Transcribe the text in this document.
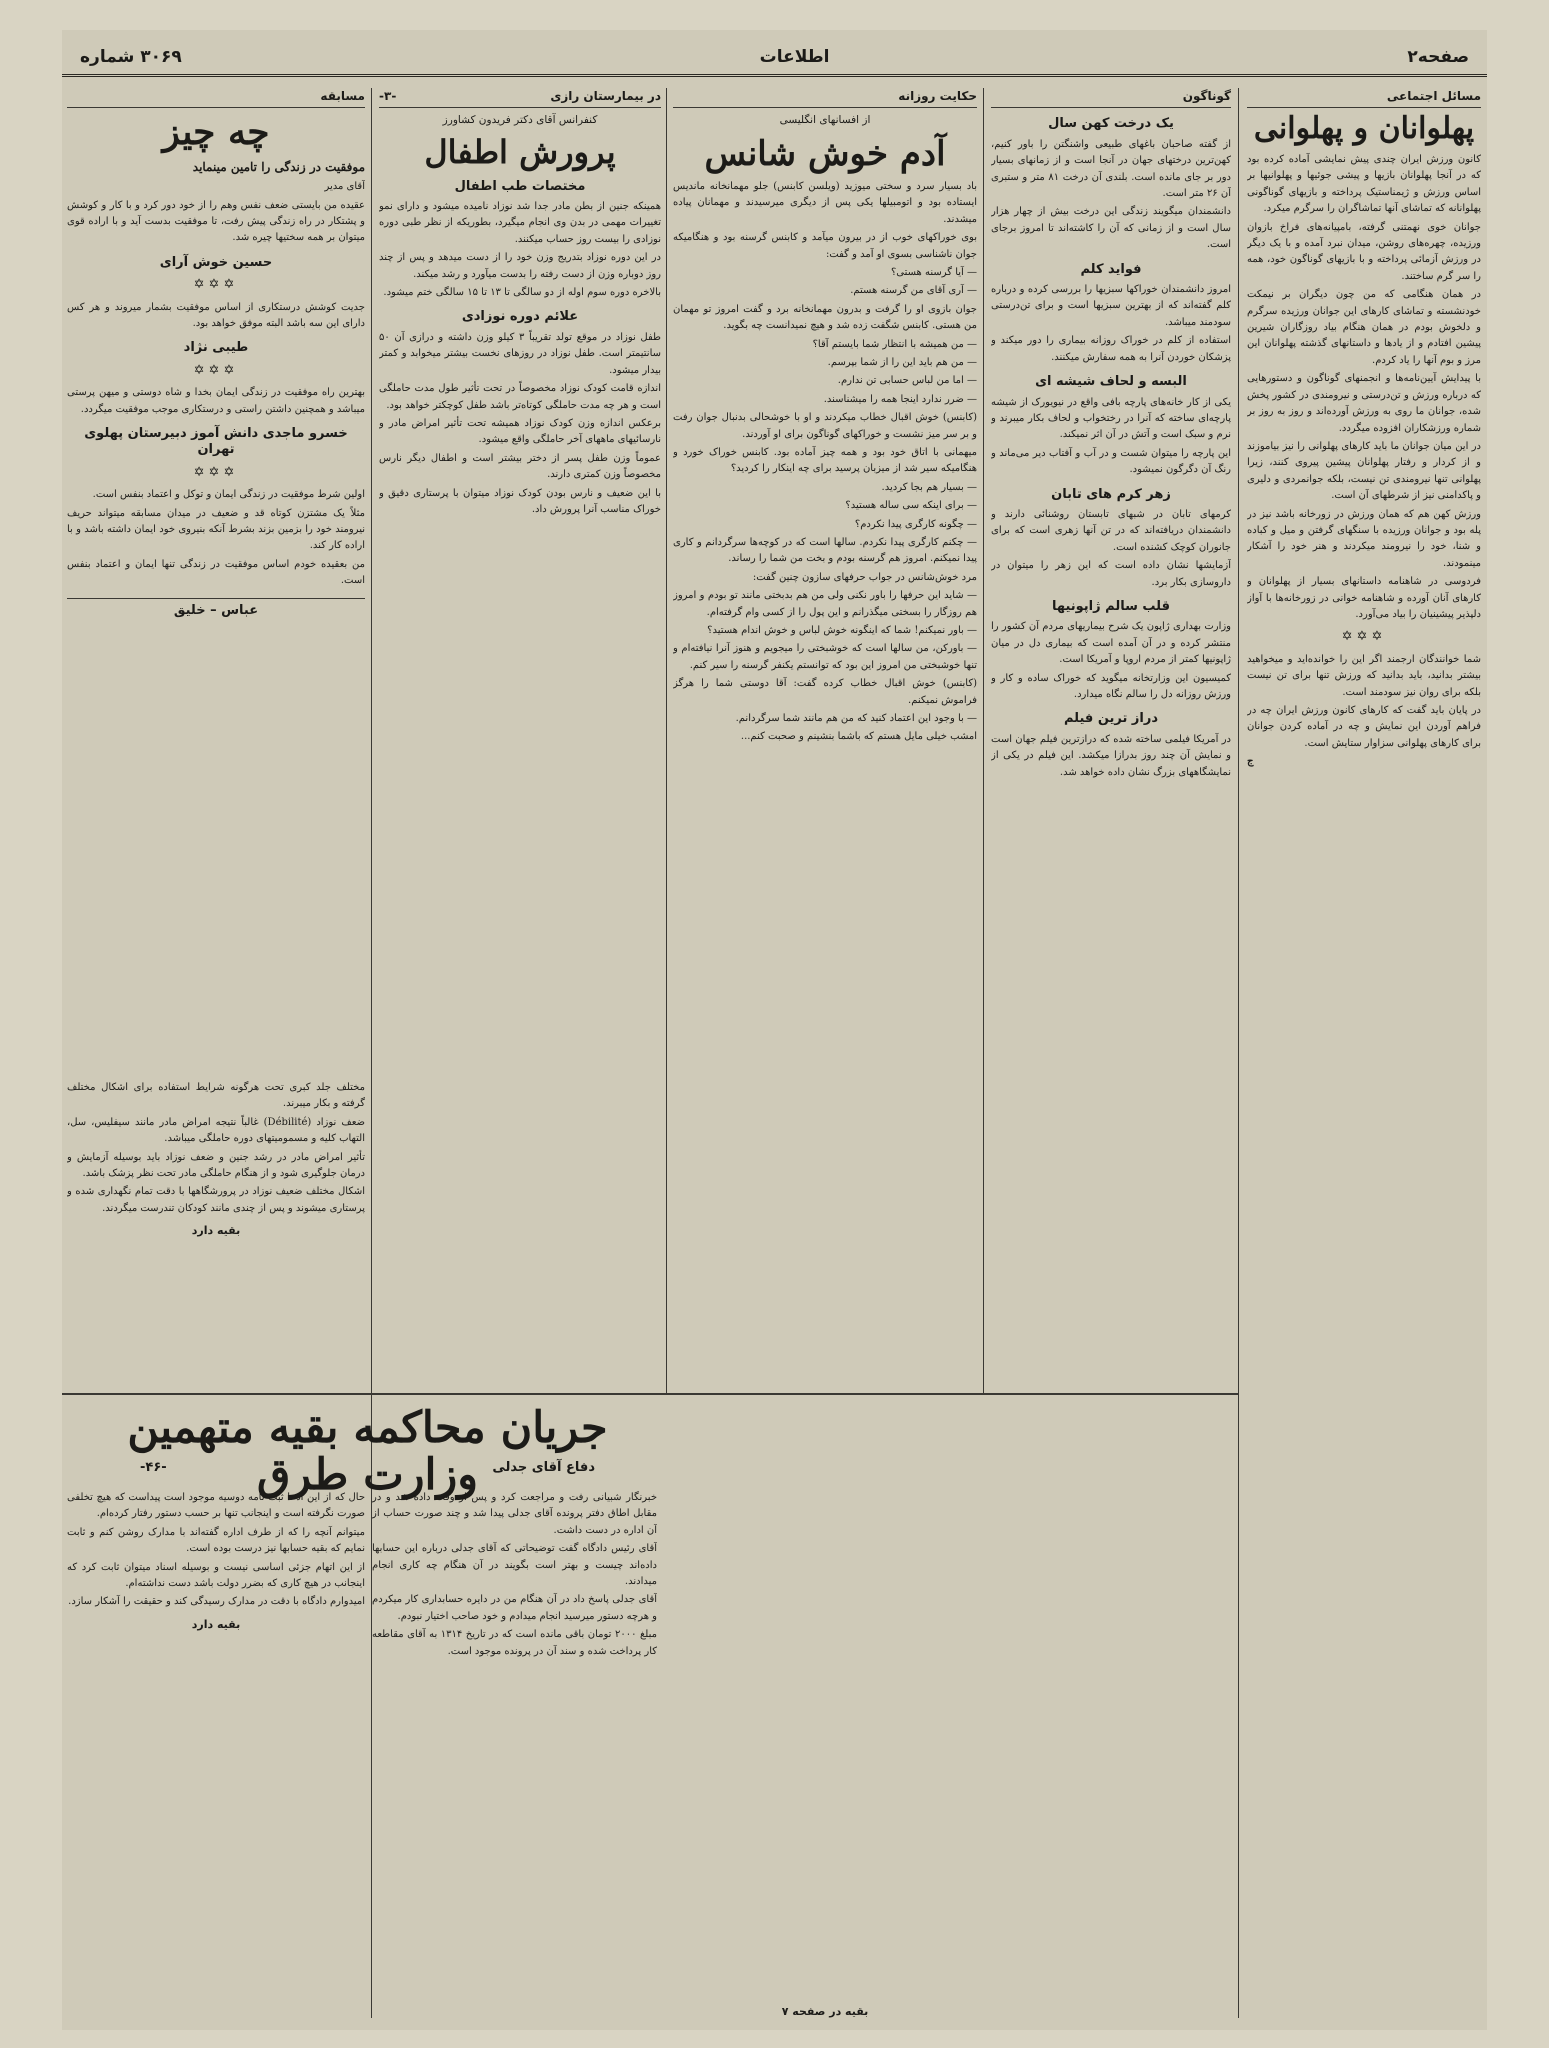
صفحه۲
اطلاعات
۳۰۶۹ شماره
مسائل اجتماعی
پهلوانان و پهلوانی

کانون ورزش ایران چندی پیش نمایشی آماده کرده بود که در آنجا پهلوانان بازیها و پیشی جوئیها و پهلوانیها بر اساس ورزش و ژیمناستیک پرداخته و بازیهای گوناگونی پهلوانانه که تماشای آنها تماشاگران را سرگرم میکرد.

جوانان خوی نهمتنی گرفته، بامپیانه‌های فراخ بازوان ورزیده، چهره‌های روشن، میدان نبرد آمده و با یک دیگر در ورزش آزمائی پرداخته و با بازیهای گوناگون خود، همه را سر گرم ساختند.

در همان هنگامی که من چون دیگران بر نیمکت خودنشسته و تماشای کارهای این جوانان ورزیده سرگرم و دلخوش بودم در همان هنگام بیاد روزگاران شیرین پیشین افتادم و از یادها و داستانهای گذشته پهلوانان این مرز و بوم آنها را یاد کردم.

با پیدایش آیین‌نامه‌ها و انجمنهای گوناگون و دستورهایی که درباره ورزش و تن‌درستی و نیرومندی در کشور پخش شده، جوانان ما روی به ورزش آورده‌اند و روز به روز بر شماره ورزشکاران افزوده میگردد.

در این میان جوانان ما باید کارهای پهلوانی را نیز بیاموزند و از کردار و رفتار پهلوانان پیشین پیروی کنند، زیرا پهلوانی تنها نیرومندی تن نیست، بلکه جوانمردی و دلیری و پاکدامنی نیز از شرطهای آن است.

ورزش کهن هم که همان ورزش در زورخانه باشد نیز در پله بود و جوانان ورزیده با سنگهای گرفتن و میل و کباده و شنا، خود را نیرومند میکردند و هنر خود را آشکار مینمودند.

فردوسی در شاهنامه داستانهای بسیار از پهلوانان و کارهای آنان آورده و شاهنامه خوانی در زورخانه‌ها با آواز دلپذیر پیشینیان را بیاد می‌آورد.

✡✡✡

شما خوانندگان ارجمند اگر این را خوانده‌اید و میخواهید بیشتر بدانید، باید بدانید که ورزش تنها برای تن نیست بلکه برای روان نیز سودمند است.

در پایان باید گفت که کارهای کانون ورزش ایران چه در فراهم آوردن این نمایش و چه در آماده کردن جوانان برای کارهای پهلوانی سزاوار ستایش است.

ج
گوناگون
یک درخت کهن سال

از گفته صاحبان باغهای طبیعی واشنگتن را باور کنیم، کهن‌ترین درختهای جهان در آنجا است و از زمانهای بسیار دور بر جای مانده است. بلندی آن درخت ۸۱ متر و ستبری آن ۲۶ متر است.

دانشمندان میگویند زندگی این درخت بیش از چهار هزار سال است و از زمانی که آن را کاشته‌اند تا امروز برجای است.

فواید کلم

امروز دانشمندان خوراکها سبزیها را بررسی کرده و درباره کلم گفته‌اند که از بهترین سبزیها است و برای تن‌درستی سودمند میباشد.

استفاده از کلم در خوراک روزانه بیماری را دور میکند و پزشکان خوردن آنرا به همه سفارش میکنند.

البسه و لحاف شیشه ای

یکی از کار خانه‌های پارچه بافی واقع در نیویورک از شیشه پارچه‌ای ساخته که آنرا در رختخواب و لحاف بکار میبرند و نرم و سبک است و آتش در آن اثر نمیکند.

این پارچه را میتوان شست و در آب و آفتاب دیر می‌ماند و رنگ آن دگرگون نمیشود.

زهر کرم های تابان

کرمهای تابان در شبهای تابستان روشنائی دارند و دانشمندان دریافته‌اند که در تن آنها زهری است که برای جانوران کوچک کشنده است.

آزمایشها نشان داده است که این زهر را میتوان در داروسازی بکار برد.

قلب سالم ژاپونیها

وزارت بهداری ژاپون یک شرح بیماریهای مردم آن کشور را منتشر کرده و در آن آمده است که بیماری دل در میان ژاپونیها کمتر از مردم اروپا و آمریکا است.

کمیسیون این وزارتخانه میگوید که خوراک ساده و کار و ورزش روزانه دل را سالم نگاه میدارد.

دراز ترین فیلم

در آمریکا فیلمی ساخته شده که درازترین فیلم جهان است و نمایش آن چند روز بدرازا میکشد. این فیلم در یکی از نمایشگاههای بزرگ نشان داده خواهد شد.

حکایت روزانه
از افسانهای انگلیسی
آدم خوش شانس

باد بسیار سرد و سختی میوزید (ویلسن کابنس) جلو مهمانخانه ماندیس ایستاده بود و اتومبیلها یکی پس از دیگری میرسیدند و مهمانان پیاده میشدند.

بوی خوراکهای خوب از در بیرون میآمد و کابنس گرسنه بود و هنگامیکه جوان ناشناسی بسوی او آمد و گفت:

— آیا گرسنه هستی؟

— آری آقای من گرسنه هستم.

جوان بازوی او را گرفت و بدرون مهمانخانه برد و گفت امروز تو مهمان من هستی. کابنس شگفت زده شد و هیچ نمیدانست چه بگوید.

— من همیشه با انتظار شما بایستم آقا؟

— من هم باید این را از شما بپرسم.

— اما من لباس حسابی تن ندارم.

— ضرر ندارد اینجا همه را میشناسند.

(کابنس) خوش اقبال خطاب میکردند و او با خوشحالی بدنبال جوان رفت و بر سر میز نشست و خوراکهای گوناگون برای او آوردند.

میهمانی با اتاق خود بود و همه چیز آماده بود. کابنس خوراک خورد و هنگامیکه سیر شد از میزبان پرسید برای چه اینکار را کردید؟

— بسیار هم بجا کردید.

— برای اینکه سی ساله هستید؟

— چگونه کارگری پیدا نکردم؟

— چکنم کارگری پیدا نکردم. سالها است که در کوچه‌ها سرگردانم و کاری پیدا نمیکنم. امروز هم گرسنه بودم و بخت من شما را رساند.

مرد خوش‌شانس در جواب حرفهای سازون چنین گفت:

— شاید این حرفها را باور نکنی ولی من هم بدبختی مانند تو بودم و امروز هم روزگار را بسختی میگذرانم و این پول را از کسی وام گرفته‌ام.

— باور نمیکنم! شما که اینگونه خوش لباس و خوش اندام هستید؟

— باورکن، من سالها است که خوشبختی را میجویم و هنوز آنرا نیافته‌ام و تنها خوشبختی من امروز این بود که توانستم یکنفر گرسنه را سیر کنم.

(کابنس) خوش اقبال خطاب کرده گفت: آقا دوستی شما را هرگز فراموش نمیکنم.

— با وجود این اعتماد کنید که من هم مانند شما سرگردانم.

امشب خیلی مایل هستم که باشما بنشینم و صحبت کنم...

بقیه در صفحه ۷
در بیمارستان رازی
-۳-
کنفرانس آقای دکتر فریدون کشاورز
پرورش اطفال
مختصات طب اطفال

همینکه جنین از بطن مادر جدا شد نوزاد نامیده میشود و دارای نمو تغییرات مهمی در بدن وی انجام میگیرد، بطوریکه از نظر طبی دوره نوزادی را بیست روز حساب میکنند.

در این دوره نوزاد بتدریج وزن خود را از دست میدهد و پس از چند روز دوباره وزن از دست رفته را بدست میآورد و رشد میکند.

بالاخره دوره سوم اوله از دو سالگی تا ۱۳ تا ۱۵ سالگی ختم میشود.

علائم دوره نوزادی

طفل نوزاد در موقع تولد تقریباً ۳ کیلو وزن داشته و درازی آن ۵۰ سانتیمتر است. طفل نوزاد در روزهای نخست بیشتر میخوابد و کمتر بیدار میشود.

اندازه قامت کودک نوزاد مخصوصاً در تحت تأثیر طول مدت حاملگی است و هر چه مدت حاملگی کوتاه‌تر باشد طفل کوچکتر خواهد بود.

برعکس اندازه وزن کودک نوزاد همیشه تحت تأثیر امراض مادر و نارسائیهای ماههای آخر حاملگی واقع میشود.

عموماً وزن طفل پسر از دختر بیشتر است و اطفال دیگر نارس مخصوصاً وزن کمتری دارند.

با این ضعیف و نارس بودن کودک نوزاد میتوان با پرستاری دقیق و خوراک مناسب آنرا پرورش داد.

مسابقه
چه چیز
موفقیت در زندگی را تامین مینماید

آقای مدیر

عقیده من بایستی ضعف نفس وهم را از خود دور کرد و با کار و کوشش و پشتکار در راه زندگی پیش رفت، تا موفقیت بدست آید و با اراده قوی میتوان بر همه سختیها چیره شد.

حسین خوش آرای
✡✡✡

جدیت کوشش درستکاری از اساس موفقیت بشمار میروند و هر کس دارای این سه باشد البته موفق خواهد بود.

طیبی نژاد
✡✡✡

بهترین راه موفقیت در زندگی ایمان بخدا و شاه دوستی و میهن پرستی میباشد و همچنین داشتن راستی و درستکاری موجب موفقیت میگردد.

خسرو ماجدی دانش آموز دبیرستان پهلوی تهران
✡✡✡

اولین شرط موفقیت در زندگی ایمان و توکل و اعتماد بنفس است.

مثلاً یک مشتزن کوتاه قد و ضعیف در میدان مسابقه میتواند حریف نیرومند خود را بزمین بزند بشرط آنکه بنیروی خود ایمان داشته باشد و با اراده کار کند.

من بعقیده خودم اساس موفقیت در زندگی تنها ایمان و اعتماد بنفس است.

عباس – خلیق

مختلف جلد کبری تحت هرگونه شرایط استفاده برای اشکال مختلف گرفته و بکار میبرند.

ضعف نوزاد (Débilité) غالباً نتیجه امراض مادر مانند سیفلیس، سل، التهاب کلیه و مسمومیتهای دوره حاملگی میباشد.

تأثیر امراض مادر در رشد جنین و ضعف نوزاد باید بوسیله آزمایش و درمان جلوگیری شود و از هنگام حاملگی مادر تحت نظر پزشک باشد.

اشکال مختلف ضعیف نوزاد در پرورشگاهها با دقت تمام نگهداری شده و پرستاری میشوند و پس از چندی مانند کودکان تندرست میگردند.

بقیه دارد
جریان محاکمه بقیه متهمین وزارت طرق	دفاع آقای جدلی
-۴۶-

خبرنگار شبیانی رفت و مراجعت کرد و پس از وقت داده شد و در مقابل اطاق دفتر پرونده آقای جدلی پیدا شد و چند صورت حساب از آن اداره در دست داشت.

آقای رئیس دادگاه گفت توضیحاتی که آقای جدلی درباره این حسابها داده‌اند چیست و بهتر است بگویند در آن هنگام چه کاری انجام میدادند.

آقای جدلی پاسخ داد در آن هنگام من در دایره حسابداری کار میکردم و هرچه دستور میرسید انجام میدادم و خود صاحب اختیار نبودم.

مبلغ ۲۰۰۰ تومان باقی مانده است که در تاریخ ۱۳۱۴ به آقای مقاطعه کار پرداخت شده و سند آن در پرونده موجود است.

حال که از این ادعا ثبت نامه دوسیه موجود است پیداست که هیچ تخلفی صورت نگرفته است و اینجانب تنها بر حسب دستور رفتار کرده‌ام.

میتوانم آنچه را که از طرف اداره گفته‌اند با مدارک روشن کنم و ثابت نمایم که بقیه حسابها نیز درست بوده است.

از این اتهام جزئی اساسی نیست و بوسیله اسناد میتوان ثابت کرد که اینجانب در هیچ کاری که بضرر دولت باشد دست نداشته‌ام.

امیدوارم دادگاه با دقت در مدارک رسیدگی کند و حقیقت را آشکار سازد.

بقیه دارد
